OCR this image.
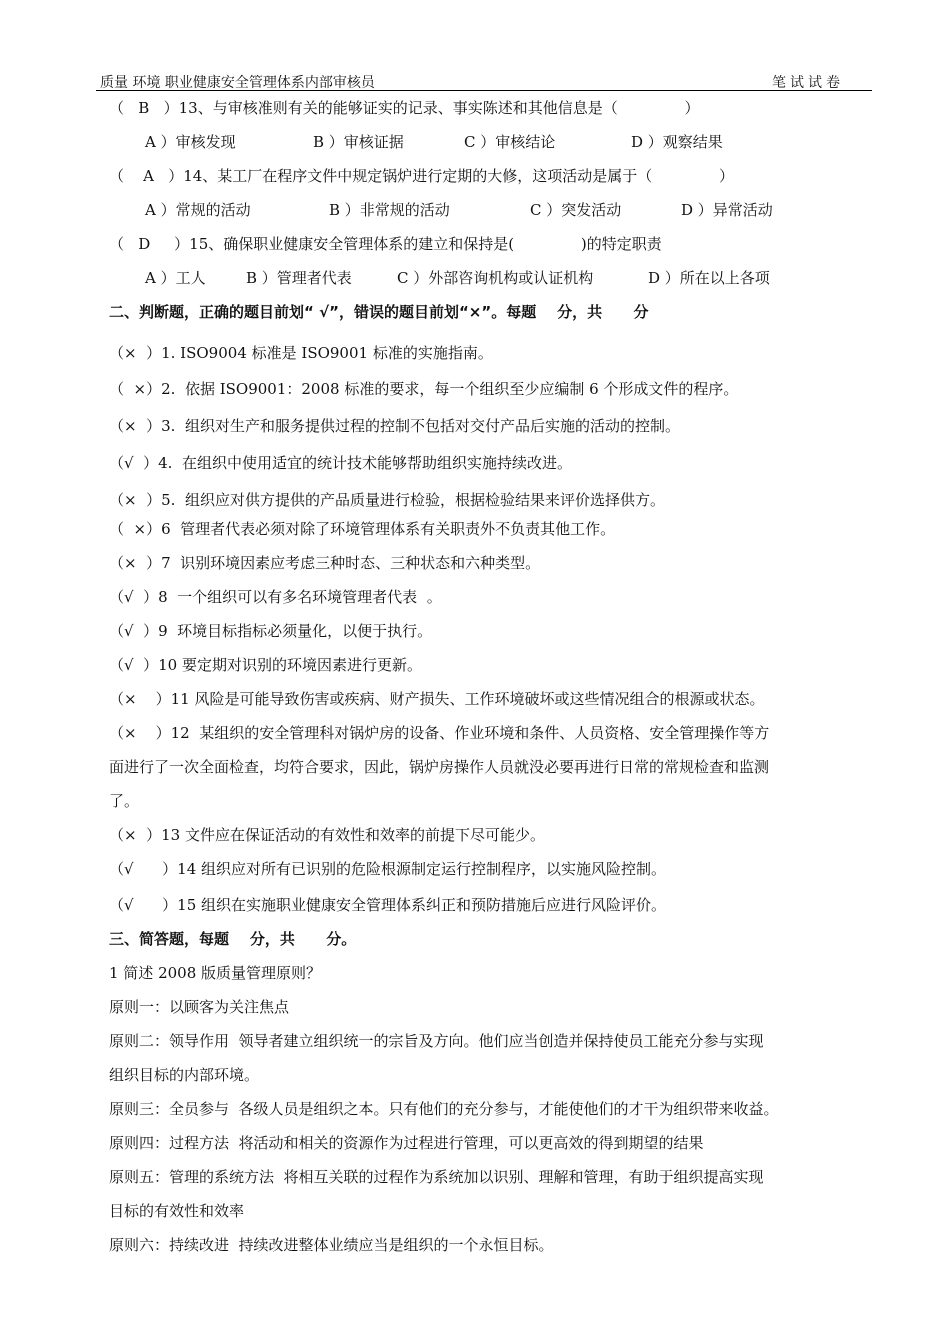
质量 环境 职业健康安全管理体系内部审核员	笔试试卷
（   B   ）13、与审核准则有关的能够证实的记录、事实陈述和其他信息是（              ）
A ）审核发现	B ）审核证据	C ）审核结论	D ）观察结果
（    A   ）14、某工厂在程序文件中规定锅炉进行定期的大修，这项活动是属于（              ）
A ）常规的活动	B ）非常规的活动	C ）突发活动	D ）异常活动
（   D     ）15、确保职业健康安全管理体系的建立和保持是(              )的特定职责
A ）工人	B ）管理者代表	C ）外部咨询机构或认证机构	D ）所在以上各项
二、判断题，正确的题目前划“ √”，错误的题目前划“×”。每题    分，共      分
（×  ）1. ISO9004 标准是 ISO9001 标准的实施指南。
（  ×）2.  依据 ISO9001：2008 标准的要求，每一个组织至少应编制 6 个形成文件的程序。
（×  ）3.  组织对生产和服务提供过程的控制不包括对交付产品后实施的活动的控制。
（√  ）4.  在组织中使用适宜的统计技术能够帮助组织实施持续改进。
（×  ）5.  组织应对供方提供的产品质量进行检验，根据检验结果来评价选择供方。
（  ×）6  管理者代表必须对除了环境管理体系有关职责外不负责其他工作。
（×  ）7  识别环境因素应考虑三种时态、三种状态和六种类型。
（√  ）8  一个组织可以有多名环境管理者代表  。
（√  ）9  环境目标指标必须量化，以便于执行。
（√  ）10 要定期对识别的环境因素进行更新。
（×    ）11 风险是可能导致伤害或疾病、财产损失、工作环境破坏或这些情况组合的根源或状态。
（×    ）12  某组织的安全管理科对锅炉房的设备、作业环境和条件、人员资格、安全管理操作等方
面进行了一次全面检查，均符合要求，因此，锅炉房操作人员就没必要再进行日常的常规检查和监测
了。
（×  ）13 文件应在保证活动的有效性和效率的前提下尽可能少。
（√      ）14 组织应对所有已识别的危险根源制定运行控制程序，以实施风险控制。
（√      ）15 组织在实施职业健康安全管理体系纠正和预防措施后应进行风险评价。
三、简答题，每题    分，共      分。
1 简述 2008 版质量管理原则？
原则一：以顾客为关注焦点
原则二：领导作用  领导者建立组织统一的宗旨及方向。他们应当创造并保持使员工能充分参与实现
组织目标的内部环境。
原则三：全员参与  各级人员是组织之本。只有他们的充分参与，才能使他们的才干为组织带来收益。
原则四：过程方法  将活动和相关的资源作为过程进行管理，可以更高效的得到期望的结果
原则五：管理的系统方法  将相互关联的过程作为系统加以识别、理解和管理，有助于组织提高实现
目标的有效性和效率
原则六：持续改进  持续改进整体业绩应当是组织的一个永恒目标。
